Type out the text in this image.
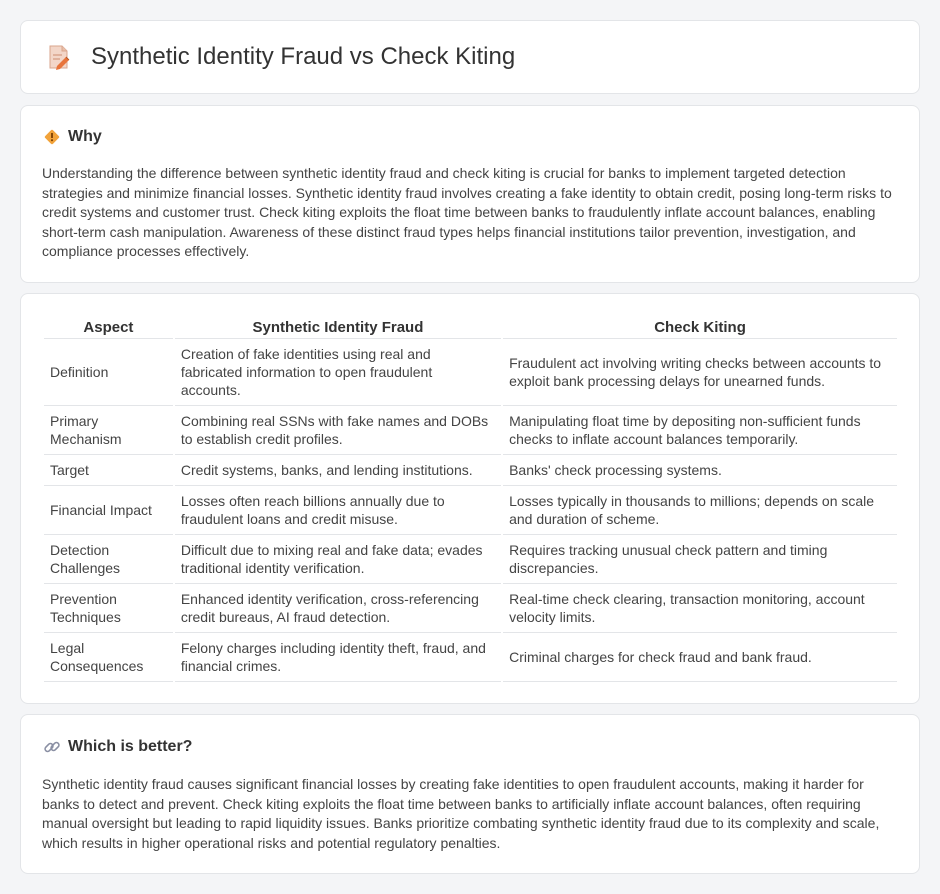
Synthetic Identity Fraud vs Check Kiting
Why

Understanding the difference between synthetic identity fraud and check kiting is crucial for banks to implement targeted detection strategies and minimize financial losses. Synthetic identity fraud involves creating a fake identity to obtain credit, posing long-term risks to credit systems and customer trust. Check kiting exploits the float time between banks to fraudulently inflate account balances, enabling short-term cash manipulation. Awareness of these distinct fraud types helps financial institutions tailor prevention, investigation, and compliance processes effectively.

Aspect	Synthetic Identity Fraud	Check Kiting
Definition	Creation of fake identities using real and fabricated information to open fraudulent accounts.	Fraudulent act involving writing checks between accounts to exploit bank processing delays for unearned funds.
Primary Mechanism	Combining real SSNs with fake names and DOBs to establish credit profiles.	Manipulating float time by depositing non-sufficient funds checks to inflate account balances temporarily.
Target	Credit systems, banks, and lending institutions.	Banks' check processing systems.
Financial Impact	Losses often reach billions annually due to fraudulent loans and credit misuse.	Losses typically in thousands to millions; depends on scale and duration of scheme.
Detection Challenges	Difficult due to mixing real and fake data; evades traditional identity verification.	Requires tracking unusual check pattern and timing discrepancies.
Prevention Techniques	Enhanced identity verification, cross-referencing credit bureaus, AI fraud detection.	Real-time check clearing, transaction monitoring, account velocity limits.
Legal Consequences	Felony charges including identity theft, fraud, and financial crimes.	Criminal charges for check fraud and bank fraud.
Which is better?

Synthetic identity fraud causes significant financial losses by creating fake identities to open fraudulent accounts, making it harder for banks to detect and prevent. Check kiting exploits the float time between banks to artificially inflate account balances, often requiring manual oversight but leading to rapid liquidity issues. Banks prioritize combating synthetic identity fraud due to its complexity and scale, which results in higher operational risks and potential regulatory penalties.
